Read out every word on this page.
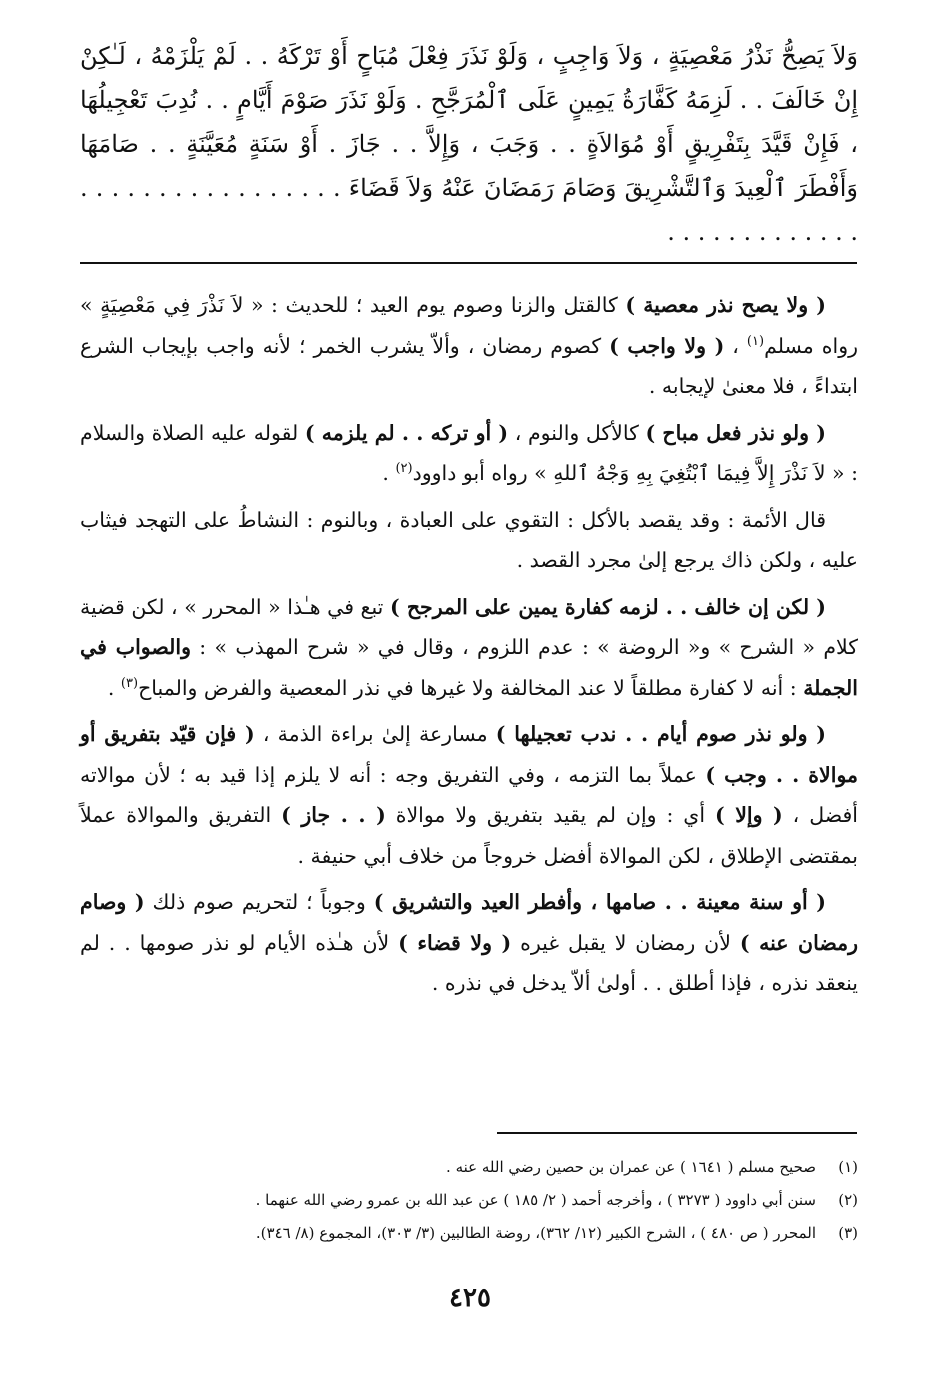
وَلاَ يَصِحُّ نَذْرُ مَعْصِيَةٍ ، وَلاَ وَاجِبٍ ، وَلَوْ نَذَرَ فِعْلَ مُبَاحٍ أَوْ تَرْكَهُ . . لَمْ يَلْزَمْهُ ، لَـٰكِنْ إِنْ خَالَفَ . . لَزِمَهُ كَفَّارَةُ يَمِينٍ عَلَى ٱلْمُرَجَّحِ . وَلَوْ نَذَرَ صَوْمَ أَيَّامٍ . . نُدِبَ تَعْجِيلُهَا ، فَإِنْ قَيَّدَ بِتَفْرِيقٍ أَوْ مُوَالاَةٍ . . وَجَبَ ، وَإِلاَّ . . جَازَ . أَوْ سَنَةٍ مُعَيَّنَةٍ . . صَامَهَا وَأَفْطَرَ ٱلْعِيدَ وَٱلتَّشْرِيقَ وَصَامَ رَمَضَانَ عَنْهُ وَلاَ قَضَاءَ . . . . . . . . . . . . . . . . . . . . . . . . . . . . . .

( ولا يصح نذر معصية ) كالقتل والزنا وصوم يوم العيد ؛ للحديث : « لاَ نَذْرَ فِي مَعْصِيَةٍ » رواه مسلم$^{(١)}$ ، ( ولا واجب ) كصوم رمضان ، وألاّ يشرب الخمر ؛ لأنه واجب بإيجاب الشرع ابتداءً ، فلا معنىٰ لإيجابه .

( ولو نذر فعل مباح ) كالأكل والنوم ، ( أو تركه . . لم يلزمه ) لقوله عليه الصلاة والسلام : « لاَ نَذْرَ إِلاَّ فِيمَا ٱبْتُغِيَ بِهِ وَجْهُ ٱللهِ » رواه أبو داوود$^{(٢)}$ .

قال الأئمة : وقد يقصد بالأكل : التقوي على العبادة ، وبالنوم : النشاطُ على التهجد فيثاب عليه ، ولكن ذاك يرجع إلىٰ مجرد القصد .

( لكن إن خالف . . لزمه كفارة يمين على المرجح ) تبع في هـٰذا « المحرر » ، لكن قضية كلام « الشرح » و« الروضة » : عدم اللزوم ، وقال في « شرح المهذب » : والصواب في الجملة : أنه لا كفارة مطلقاً لا عند المخالفة ولا غيرها في نذر المعصية والفرض والمباح$^{(٣)}$ .

( ولو نذر صوم أيام . . ندب تعجيلها ) مسارعة إلىٰ براءة الذمة ، ( فإن قيّد بتفريق أو موالاة . . وجب ) عملاً بما التزمه ، وفي التفريق وجه : أنه لا يلزم إذا قيد به ؛ لأن موالاته أفضل ، ( وإلا ) أي : وإن لم يقيد بتفريق ولا موالاة ( . . جاز ) التفريق والموالاة عملاً بمقتضى الإطلاق ، لكن الموالاة أفضل خروجاً من خلاف أبي حنيفة .

( أو سنة معينة . . صامها ، وأفطر العيد والتشريق ) وجوباً ؛ لتحريم صوم ذلك ( وصام رمضان عنه ) لأن رمضان لا يقبل غيره ( ولا قضاء ) لأن هـٰذه الأيام لو نذر صومها . . لم ينعقد نذره ، فإذا أطلق . . أولىٰ ألاّ يدخل في نذره .

(١)
صحيح مسلم ( ١٦٤١ ) عن عمران بن حصين رضي الله عنه .
(٢)
سنن أبي داوود ( ٣٢٧٣ ) ، وأخرجه أحمد ( ٢/ ١٨٥ ) عن عبد الله بن عمرو رضي الله عنهما .
(٣)
المحرر ( ص ٤٨٠ ) ، الشرح الكبير (١٢/ ٣٦٢)، روضة الطالبين (٣/ ٣٠٣)، المجموع (٨/ ٣٤٦).
٤٢٥
